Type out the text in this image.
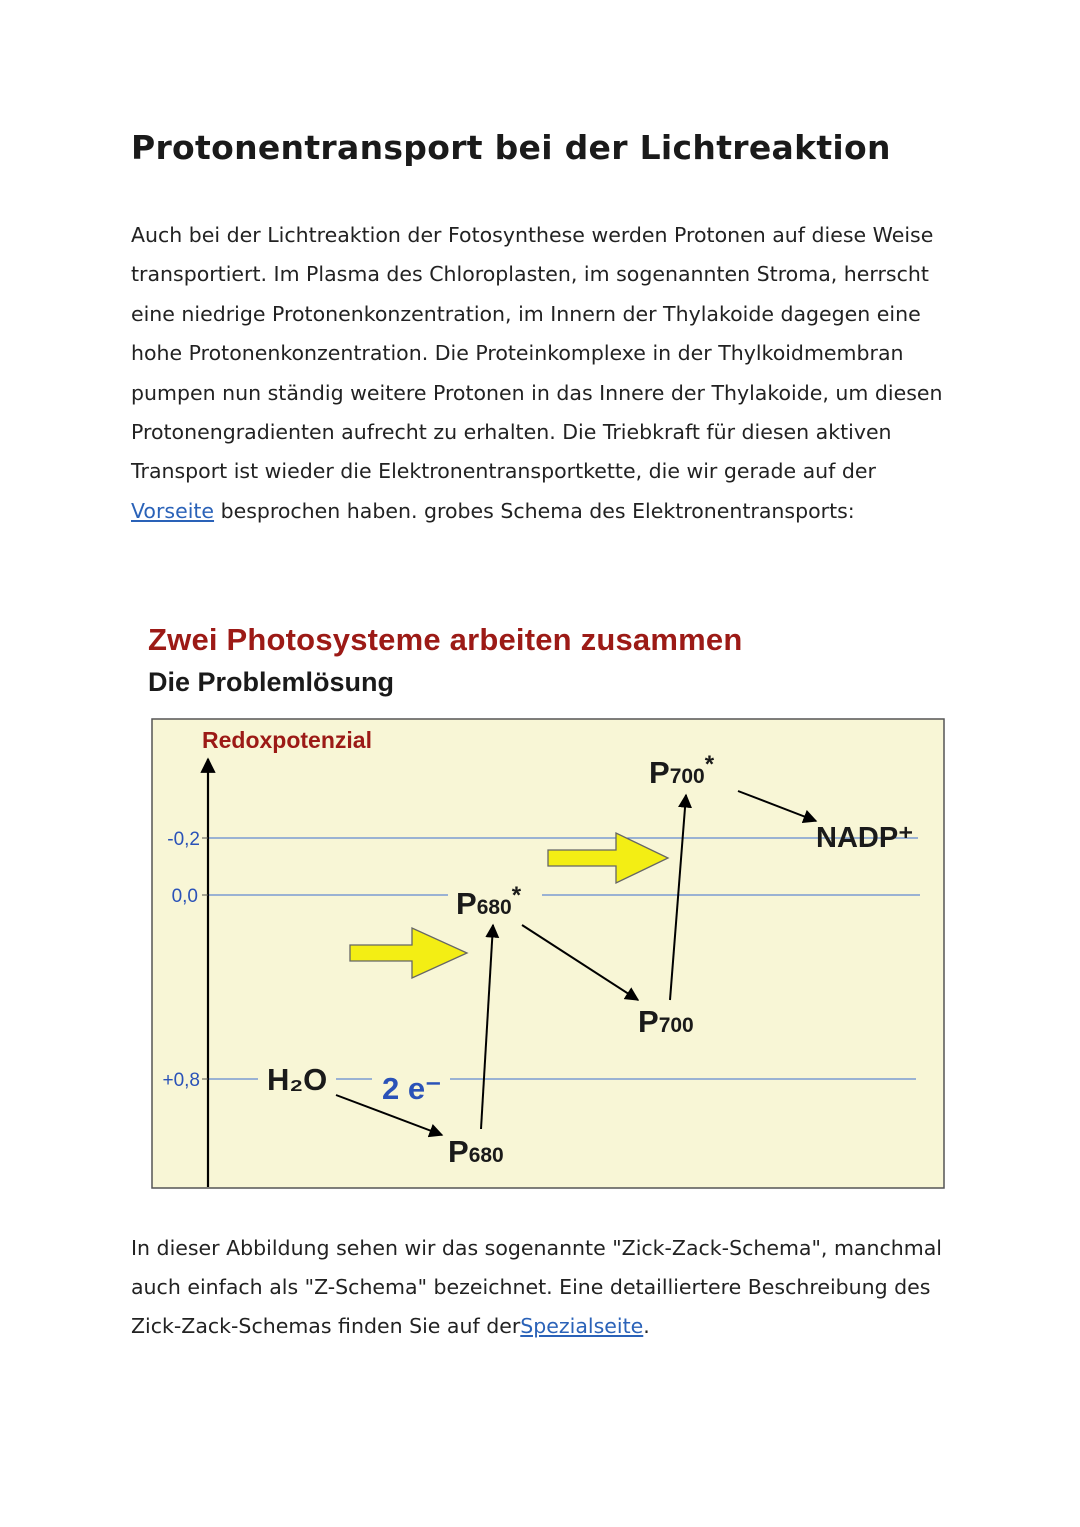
Protonentransport bei der Lichtreaktion

Auch bei der Lichtreaktion der Fotosynthese werden Protonen auf diese Weise transportiert. Im Plasma des Chloroplasten, im sogenannten Stroma, herrscht eine niedrige Protonenkonzentration, im Innern der Thylakoide dagegen eine hohe Protonenkonzentration. Die Proteinkomplexe in der Thylkoidmembran pumpen nun ständig weitere Protonen in das Innere der Thylakoide, um diesen Protonengradienten aufrecht zu erhalten. Die Triebkraft für diesen aktiven Transport ist wieder die Elektronentransportkette, die wir gerade auf der Vorseite besprochen haben. grobes Schema des Elektronentransports:

Zwei Photosysteme arbeiten zusammen
Die Problemlösung
Redoxpotenzial
-0,2
0,0
+0,8 H₂O 2 e⁻
P680
P680*
P700
P700*
NADP⁺

In dieser Abbildung sehen wir das sogenannte "Zick-Zack-Schema", manchmal auch einfach als "Z-Schema" bezeichnet. Eine detailliertere Beschreibung des Zick-Zack-Schemas finden Sie auf derSpezialseite.
